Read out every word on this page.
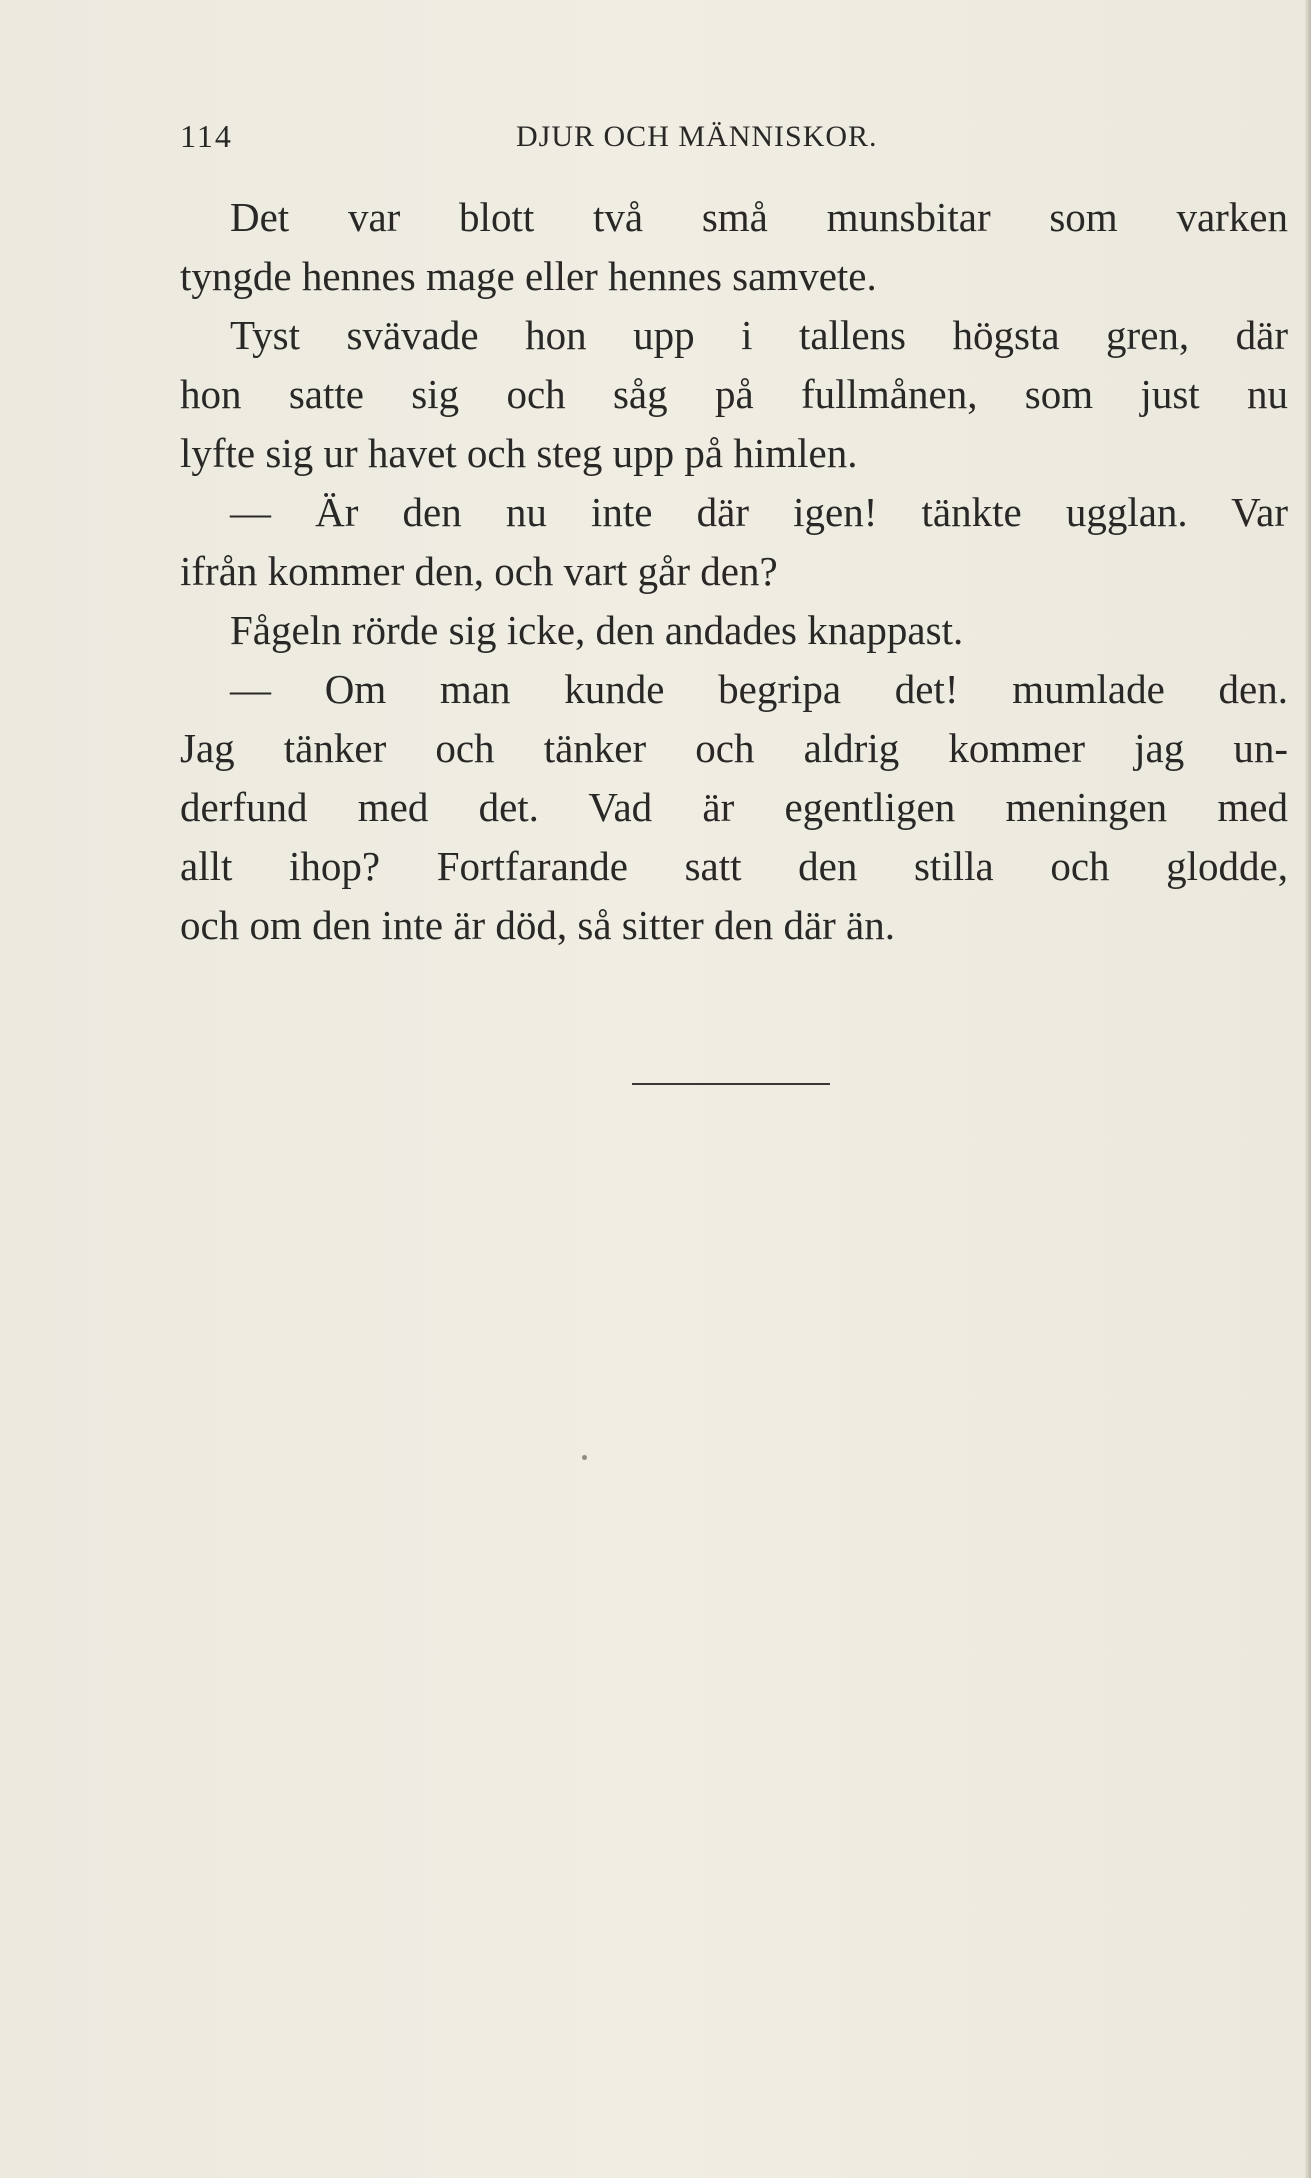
114	DJUR OCH MÄNNISKOR.
Det var blott två små munsbitar som varken
tyngde hennes mage eller hennes samvete.
Tyst svävade hon upp i tallens högsta gren, där
hon satte sig och såg på fullmånen, som just nu
lyfte sig ur havet och steg upp på himlen.
— Är den nu inte där igen! tänkte ugglan. Var
ifrån kommer den, och vart går den?
Fågeln rörde sig icke, den andades knappast.
— Om man kunde begripa det! mumlade den.
Jag tänker och tänker och aldrig kommer jag un-
derfund med det. Vad är egentligen meningen med
allt ihop? Fortfarande satt den stilla och glodde,
och om den inte är död, så sitter den där än.
